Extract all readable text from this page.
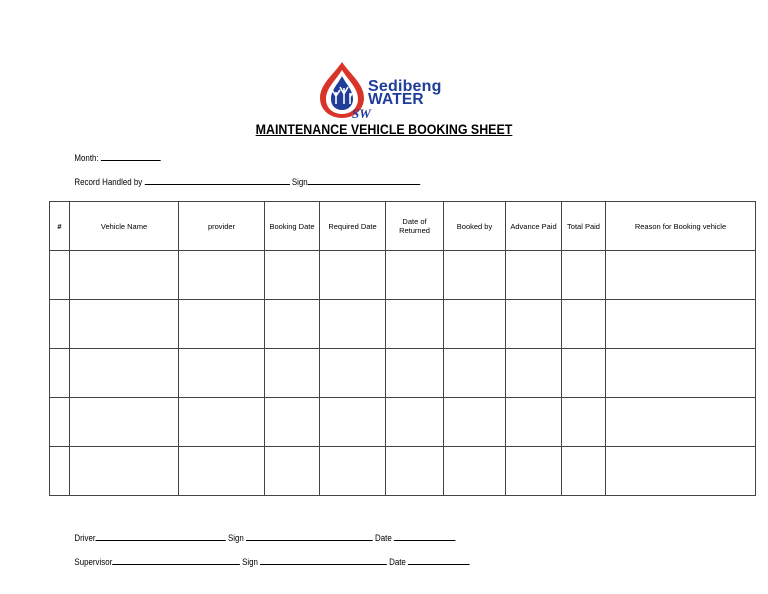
SW
Sedibeng
WATER
MAINTENANCE VEHICLE BOOKING SHEET

Month:

Record Handled by	Sign

#	Vehicle Name	provider	Booking Date	Required Date	Date of Returned	Booked by	Advance Paid	Total Paid	Reason for Booking vehicle

Driver	Sign	Date

Supervisor	Sign	Date
